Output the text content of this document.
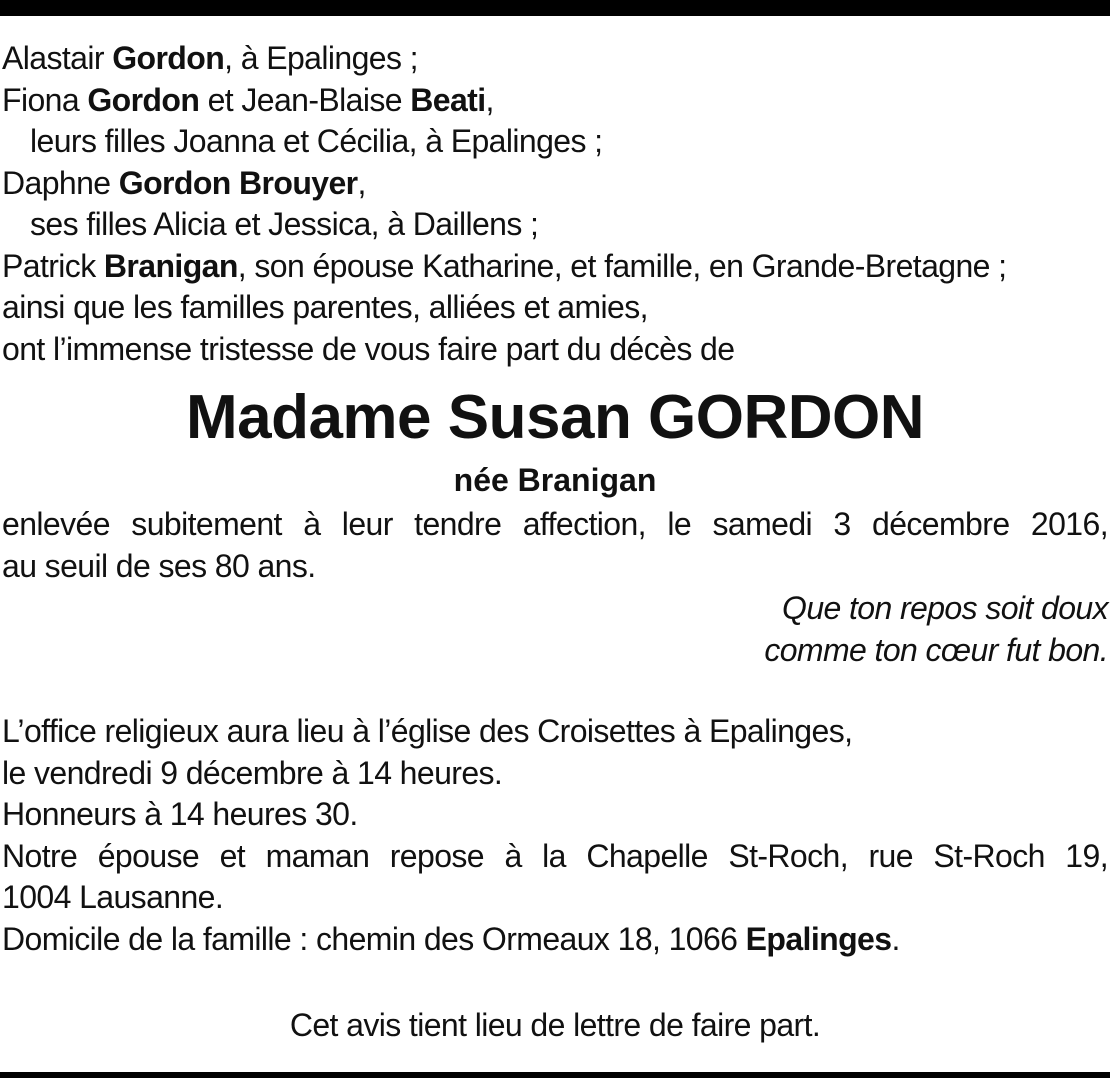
Alastair Gordon, à Epalinges ;
Fiona Gordon et Jean-Blaise Beati,
leurs filles Joanna et Cécilia, à Epalinges ;
Daphne Gordon Brouyer,
ses filles Alicia et Jessica, à Daillens ;
Patrick Branigan, son épouse Katharine, et famille, en Grande-Bretagne ;
ainsi que les familles parentes, alliées et amies,
ont l’immense tristesse de vous faire part du décès de
Madame Susan GORDON
née Branigan
enlevée subitement à leur tendre affection, le samedi 3 décembre 2016,
au seuil de ses 80 ans.
Que ton repos soit doux
comme ton cœur fut bon.
L’office religieux aura lieu à l’église des Croisettes à Epalinges,
le vendredi 9 décembre à 14 heures.
Honneurs à 14 heures 30.
Notre épouse et maman repose à la Chapelle St-Roch, rue St-Roch 19,
1004 Lausanne.
Domicile de la famille : chemin des Ormeaux 18, 1066 Epalinges.
Cet avis tient lieu de lettre de faire part.
